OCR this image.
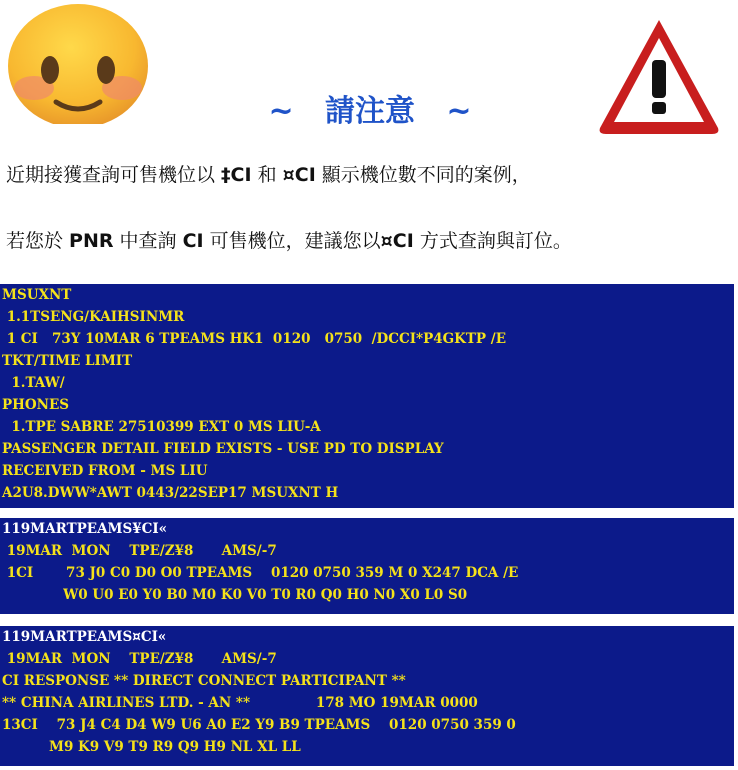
~   請注意   ~
近期接獲查詢可售機位以 ‡CI 和 ¤CI 顯示機位數不同的案例，
若您於 PNR 中查詢 CI 可售機位，建議您以¤CI 方式查詢與訂位。
MSUXNT
1.1TSENG/KAIHSINMR
1 CI   73Y 10MAR 6 TPEAMS HK1  0120   0750  /DCCI*P4GKTP /E
TKT/TIME LIMIT
1.TAW/
PHONES
1.TPE SABRE 27510399 EXT 0 MS LIU-A
PASSENGER DETAIL FIELD EXISTS - USE PD TO DISPLAY
RECEIVED FROM - MS LIU
A2U8.DWW*AWT 0443/22SEP17 MSUXNT H
119MARTPEAMS¥CI«
19MAR  MON    TPE/Z¥8      AMS/-7
1CI       73 J0 C0 D0 O0 TPEAMS    0120 0750 359 M 0 X247 DCA /E
W0 U0 E0 Y0 B0 M0 K0 V0 T0 R0 Q0 H0 N0 X0 L0 S0
119MARTPEAMS¤CI«
19MAR  MON    TPE/Z¥8      AMS/-7
CI RESPONSE ** DIRECT CONNECT PARTICIPANT **
** CHINA AIRLINES LTD. - AN **              178 MO 19MAR 0000
13CI    73 J4 C4 D4 W9 U6 A0 E2 Y9 B9 TPEAMS    0120 0750 359 0
M9 K9 V9 T9 R9 Q9 H9 NL XL LL
